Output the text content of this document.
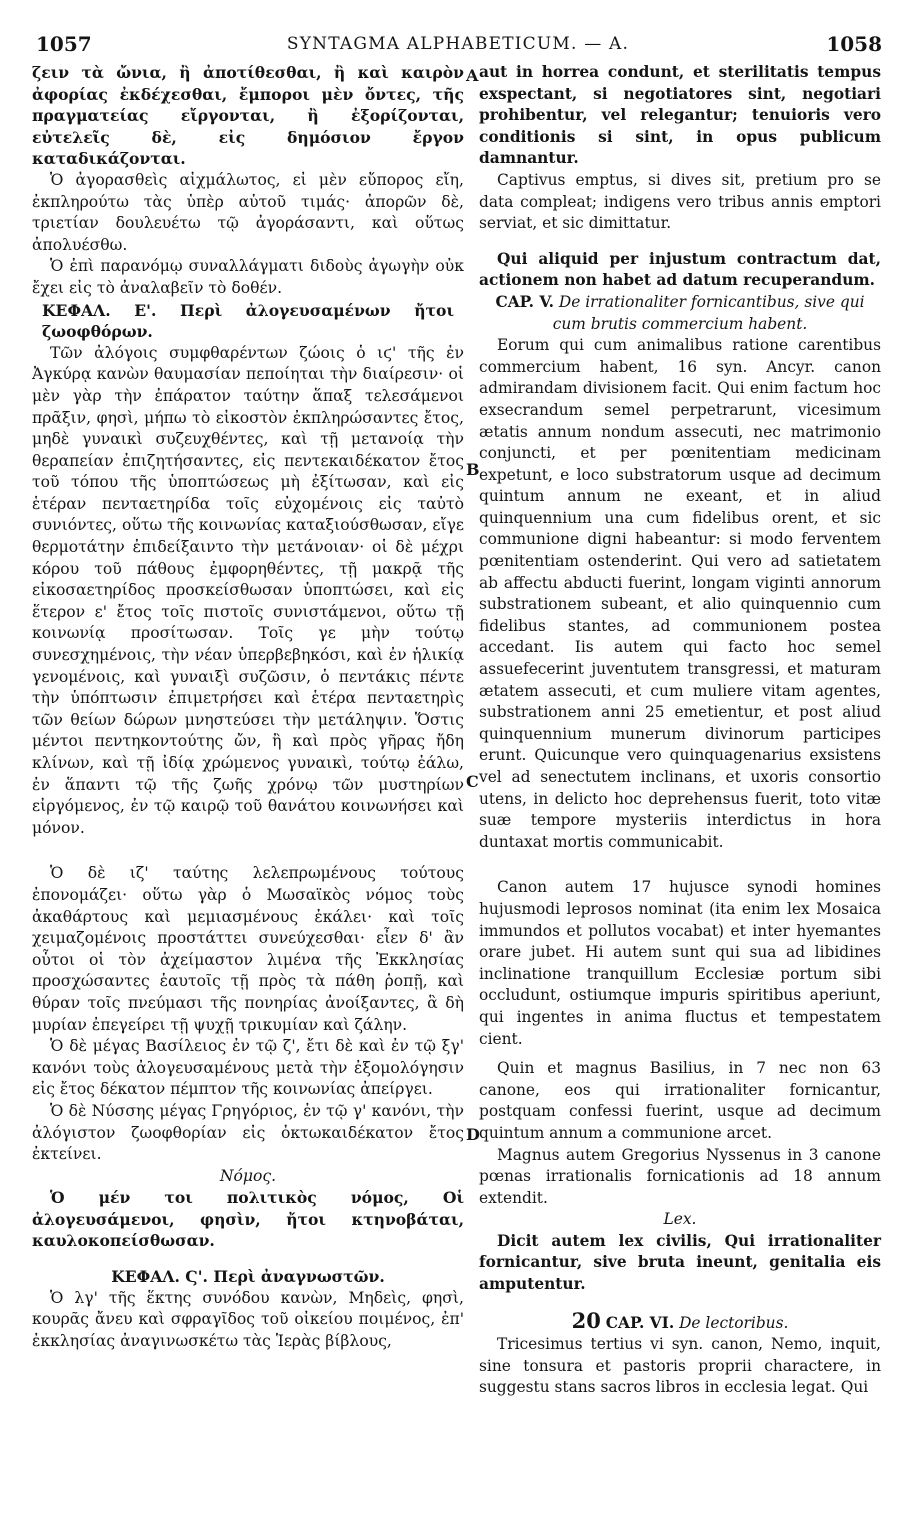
1057	SYNTAGMA ALPHABETICUM. — A.	1058
A
B
C
D

ζειν τὰ ὤνια, ἢ ἀποτίθεσθαι, ἢ καὶ καιρὸν ἀφορίας ἐκδέχεσθαι, ἔμποροι μὲν ὄντες, τῆς πραγματείας εἴργονται, ἢ ἐξορίζονται, εὐτελεῖς δὲ, εἰς δημόσιον ἔργον καταδικάζονται.

Ὁ ἀγορασθεὶς αἰχμάλωτος, εἰ μὲν εὔπορος εἴη, ἐκπληρούτω τὰς ὑπὲρ αὐτοῦ τιμάς· ἀπορῶν δὲ, τριετίαν δουλευέτω τῷ ἀγοράσαντι, καὶ οὕτως ἀπολυέσθω.

Ὁ ἐπὶ παρανόμῳ συναλλάγματι διδοὺς ἀγωγὴν οὐκ ἔχει εἰς τὸ ἀναλαβεῖν τὸ δοθέν.

ΚΕΦΑΛ. Ε'. Περὶ ἀλογευσαμένων ἤτοι ζωοφθόρων.

Τῶν ἀλόγοις συμφθαρέντων ζώοις ὁ ιϛ' τῆς ἐν Ἀγκύρᾳ κανὼν θαυμασίαν πεποίηται τὴν διαίρεσιν· οἱ μὲν γὰρ τὴν ἐπάρατον ταύτην ἅπαξ τελεσάμενοι πρᾶξιν, φησὶ, μήπω τὸ εἰκοστὸν ἐκπληρώσαντες ἔτος, μηδὲ γυναικὶ συζευχθέντες, καὶ τῇ μετανοίᾳ τὴν θεραπείαν ἐπιζητήσαντες, εἰς πεντεκαιδέκατον ἔτος τοῦ τόπου τῆς ὑποπτώσεως μὴ ἐξίτωσαν, καὶ εἰς ἑτέραν πενταετηρίδα τοῖς εὐχομένοις εἰς ταὐτὸ συνιόντες, οὕτω τῆς κοινωνίας καταξιούσθωσαν, εἴγε θερμοτάτην ἐπιδείξαιντο τὴν μετάνοιαν· οἱ δὲ μέχρι κόρου τοῦ πάθους ἐμφορηθέντες, τῇ μακρᾷ τῆς εἰκοσαετηρίδος προσκείσθωσαν ὑποπτώσει, καὶ εἰς ἕτερον ε' ἔτος τοῖς πιστοῖς συνιστάμενοι, οὕτω τῇ κοινωνίᾳ προσίτωσαν. Τοῖς γε μὴν τούτῳ συνεσχημένοις, τὴν νέαν ὑπερβεβηκόσι, καὶ ἐν ἡλικίᾳ γενομένοις, καὶ γυναιξὶ συζῶσιν, ὁ πεντάκις πέντε τὴν ὑπόπτωσιν ἐπιμετρήσει καὶ ἑτέρα πενταετηρὶς τῶν θείων δώρων μνηστεύσει τὴν μετάληψιν. Ὅστις μέντοι πεντηκοντούτης ὤν, ἢ καὶ πρὸς γῆρας ἤδη κλίνων, καὶ τῇ ἰδίᾳ χρώμενος γυναικὶ, τούτῳ ἑάλω, ἐν ἅπαντι τῷ τῆς ζωῆς χρόνῳ τῶν μυστηρίων εἰργόμενος, ἐν τῷ καιρῷ τοῦ θανάτου κοινωνήσει καὶ μόνον.

Ὁ δὲ ιζ' ταύτης λελεπρωμένους τούτους ἐπονομάζει· οὕτω γὰρ ὁ Μωσαϊκὸς νόμος τοὺς ἀκαθάρτους καὶ μεμιασμένους ἐκάλει· καὶ τοῖς χειμαζομένοις προστάττει συνεύχεσθαι· εἶεν δ' ἂν οὗτοι οἱ τὸν ἀχείμαστον λιμένα τῆς Ἐκκλησίας προσχώσαντες ἑαυτοῖς τῇ πρὸς τὰ πάθη ῥοπῇ, καὶ θύραν τοῖς πνεύμασι τῆς πονηρίας ἀνοίξαντες, ἃ δὴ μυρίαν ἐπεγείρει τῇ ψυχῇ τρικυμίαν καὶ ζάλην.

Ὁ δὲ μέγας Βασίλειος ἐν τῷ ζ', ἔτι δὲ καὶ ἐν τῷ ξγ' κανόνι τοὺς ἀλογευσαμένους μετὰ τὴν ἐξομολόγησιν εἰς ἔτος δέκατον πέμπτον τῆς κοινωνίας ἀπείργει.

Ὁ δὲ Νύσσης μέγας Γρηγόριος, ἐν τῷ γ' κανόνι, τὴν ἀλόγιστον ζωοφθορίαν εἰς ὀκτωκαιδέκατον ἔτος ἐκτείνει.

Νόμος.

Ὁ μέν τοι πολιτικὸς νόμος, Οἱ ἀλογευσάμενοι, φησὶν, ἤτοι κτηνοβάται, καυλοκοπείσθωσαν.

ΚΕΦΑΛ. Ϛ'. Περὶ ἀναγνωστῶν.

Ὁ λγ' τῆς ἕκτης συνόδου κανὼν, Μηδεὶς, φησὶ, κουρᾶς ἄνευ καὶ σφραγῖδος τοῦ οἰκείου ποιμένος, ἐπ' ἐκκλησίας ἀναγινωσκέτω τὰς Ἱερὰς βίβλους,

aut in horrea condunt, et sterilitatis tempus exspectant, si negotiatores sint, negotiari prohibentur, vel relegantur; tenuioris vero conditionis si sint, in opus publicum damnantur.

Captivus emptus, si dives sit, pretium pro se data compleat; indigens vero tribus annis emptori serviat, et sic dimittatur.

Qui aliquid per injustum contractum dat, actionem non habet ad datum recuperandum.

CAP. V. De irrationaliter fornicantibus, sive qui cum brutis commercium habent.

Eorum qui cum animalibus ratione carentibus commercium habent, 16 syn. Ancyr. canon admirandam divisionem facit. Qui enim factum hoc exsecrandum semel perpetrarunt, vicesimum ætatis annum nondum assecuti, nec matrimonio conjuncti, et per pœnitentiam medicinam expetunt, e loco substratorum usque ad decimum quintum annum ne exeant, et in aliud quinquennium una cum fidelibus orent, et sic communione digni habeantur: si modo ferventem pœnitentiam ostenderint. Qui vero ad satietatem ab affectu abducti fuerint, longam viginti annorum substrationem subeant, et alio quinquennio cum fidelibus stantes, ad communionem postea accedant. Iis autem qui facto hoc semel assuefecerint juventutem transgressi, et maturam ætatem assecuti, et cum muliere vitam agentes, substrationem anni 25 emetientur, et post aliud quinquennium munerum divinorum participes erunt. Quicunque vero quinquagenarius exsistens vel ad senectutem inclinans, et uxoris consortio utens, in delicto hoc deprehensus fuerit, toto vitæ suæ tempore mysteriis interdictus in hora duntaxat mortis communicabit.

Canon autem 17 hujusce synodi homines hujusmodi leprosos nominat (ita enim lex Mosaica immundos et pollutos vocabat) et inter hyemantes orare jubet. Hi autem sunt qui sua ad libidines inclinatione tranquillum Ecclesiæ portum sibi occludunt, ostiumque impuris spiritibus aperiunt, qui ingentes in anima fluctus et tempestatem cient.

Quin et magnus Basilius, in 7 nec non 63 canone, eos qui irrationaliter fornicantur, postquam confessi fuerint, usque ad decimum quintum annum a communione arcet.

Magnus autem Gregorius Nyssenus in 3 canone pœnas irrationalis fornicationis ad 18 annum extendit.

Lex.

Dicit autem lex civilis, Qui irrationaliter fornicantur, sive bruta ineunt, genitalia eis amputentur.

20 CAP. VI. De lectoribus.

Tricesimus tertius vi syn. canon, Nemo, inquit, sine tonsura et pastoris proprii charactere, in suggestu stans sacros libros in ecclesia legat. Qui
